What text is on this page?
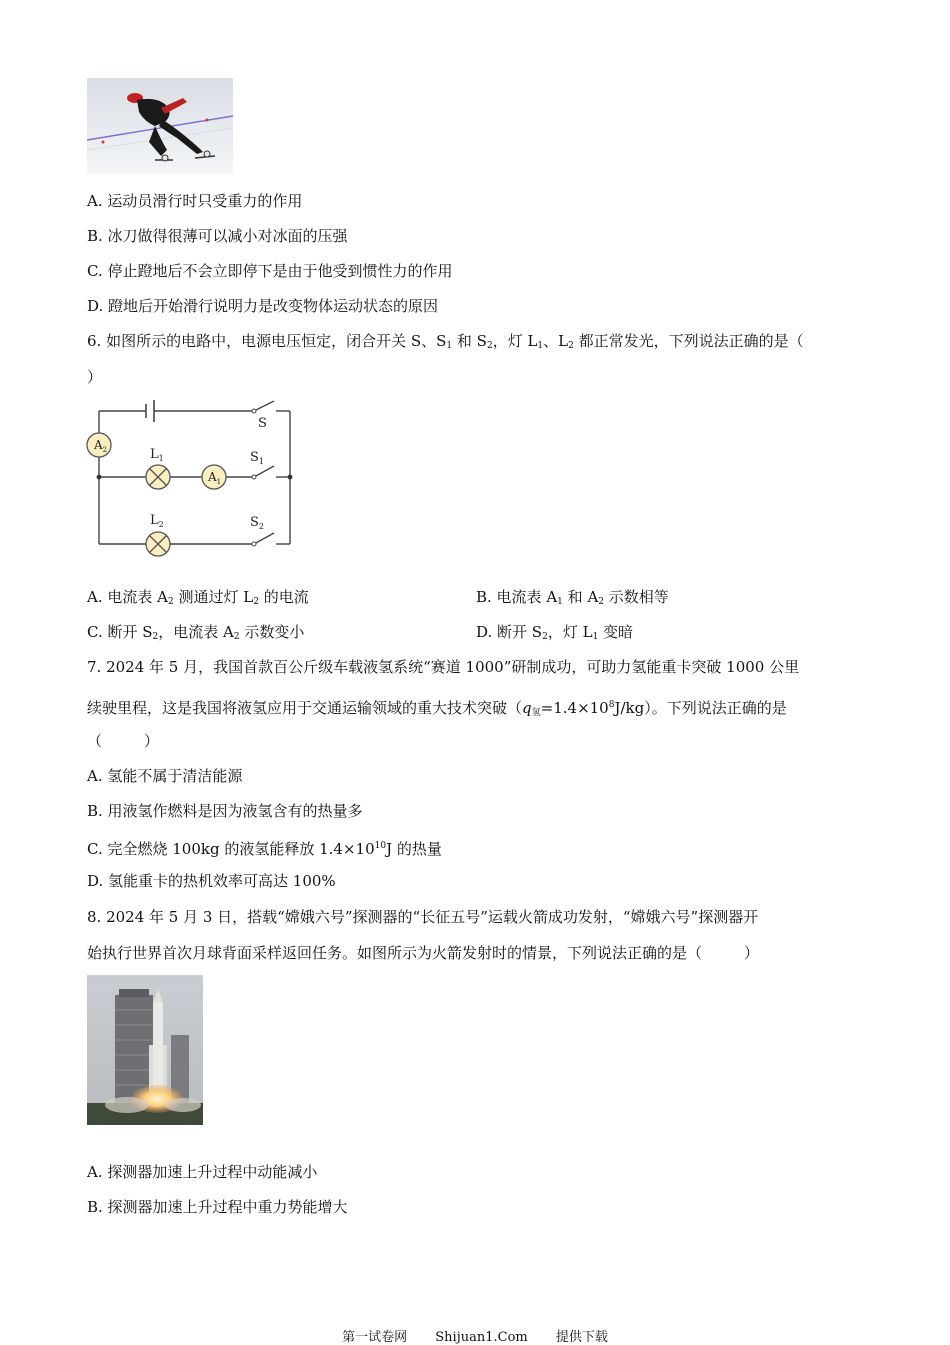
A. 运动员滑行时只受重力的作用
B. 冰刀做得很薄可以减小对冰面的压强
C. 停止蹬地后不会立即停下是由于他受到惯性力的作用
D. 蹬地后开始滑行说明力是改变物体运动状态的原因
6. 如图所示的电路中，电源电压恒定，闭合开关 S、$S_1$ 和 $S_2$，灯 $L_1$、$L_2$ 都正常发光，下列说法正确的是（
）
$A_2$	$L_1$
$A_1$
$L_2$
S
$S_1$
$S_2$
A. 电流表 $A_2$ 测通过灯 $L_2$ 的电流	B. 电流表 $A_1$ 和 $A_2$ 示数相等
C. 断开 $S_2$，电流表 $A_2$ 示数变小	D. 断开 $S_2$，灯 $L_1$ 变暗
7. 2024 年 5 月，我国首款百公斤级车载液氢系统“赛道 1000”研制成功，可助力氢能重卡突破 1000 公里
续驶里程，这是我国将液氢应用于交通运输领域的重大技术突破$(q_氢=1.4\times 10^8J/kg)$。下列说法正确的是
（	）
A. 氢能不属于清洁能源
B. 用液氢作燃料是因为液氢含有的热量多
C. 完全燃烧 100kg 的液氢能释放 $1.4\times 10^{10}J$ 的热量
D. 氢能重卡的热机效率可高达 100%
8. 2024 年 5 月 3 日，搭载“嫦娥六号”探测器的“长征五号”运载火箭成功发射，“嫦娥六号”探测器开
始执行世界首次月球背面采样返回任务。如图所示为火箭发射时的情景，下列说法正确的是（	）
A. 探测器加速上升过程中动能减小
B. 探测器加速上升过程中重力势能增大
第一试卷网 Shijuan1.Com 提供下载
